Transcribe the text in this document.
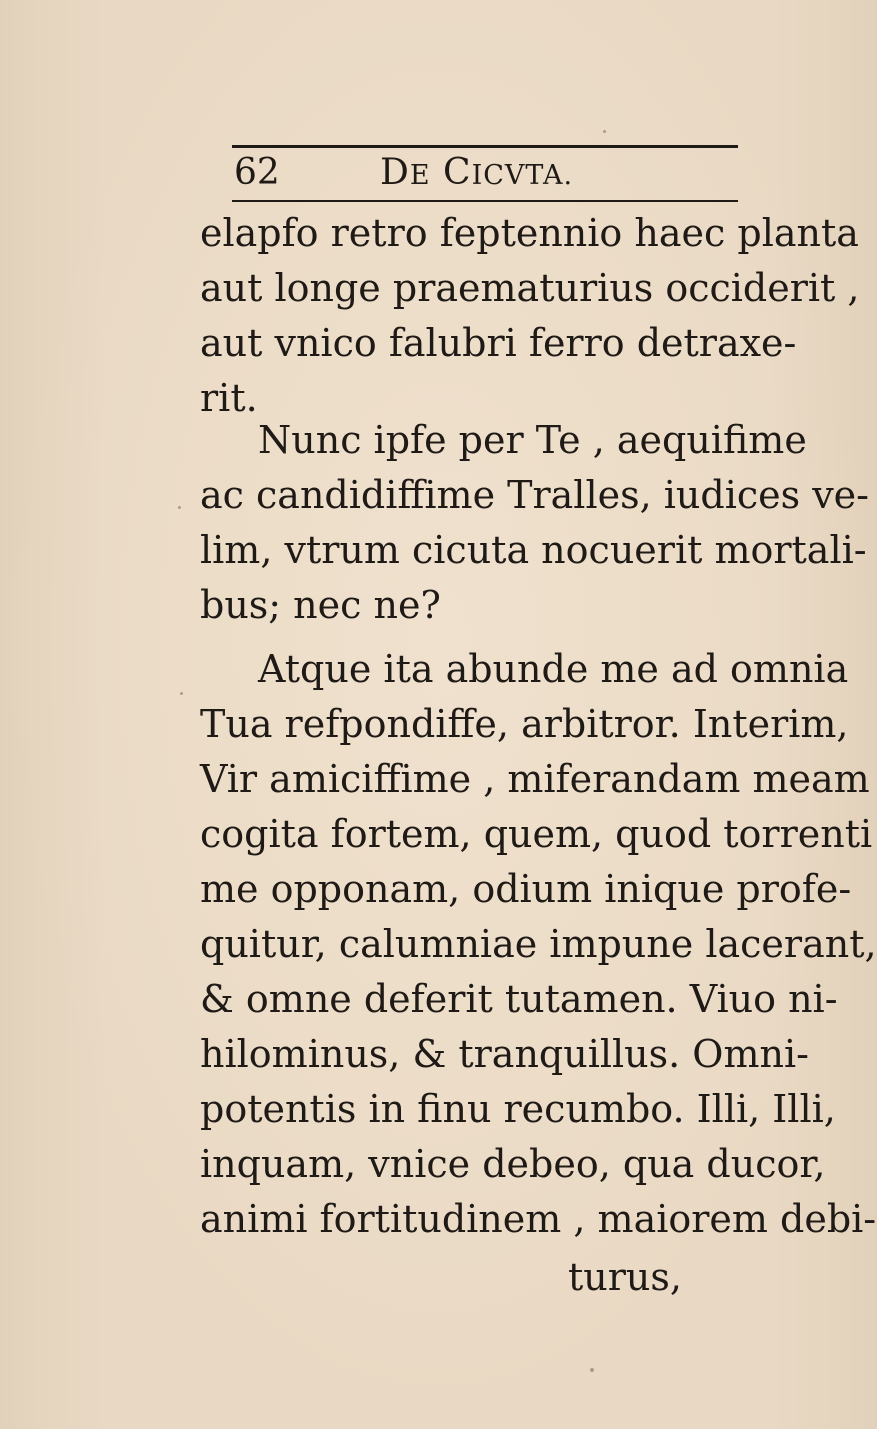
62	DE CICVTA.
elapfo retro feptennio haec planta
aut longe praematurius occiderit ,
aut vnico falubri ferro detraxe-
rit.
Nunc ipfe per Te , aequifime
ac candidiffime Tralles, iudices ve-
lim, vtrum cicuta nocuerit mortali-
bus; nec ne?
Atque ita abunde me ad omnia
Tua refpondiffe, arbitror. Interim,
Vir amiciffime , miferandam meam
cogita fortem, quem, quod torrenti
me opponam, odium inique profe-
quitur, calumniae impune lacerant,
& omne deferit tutamen. Viuo ni-
hilominus, & tranquillus. Omni-
potentis in finu recumbo. Illi, Illi,
inquam, vnice debeo, qua ducor,
animi fortitudinem , maiorem debi-
turus,
